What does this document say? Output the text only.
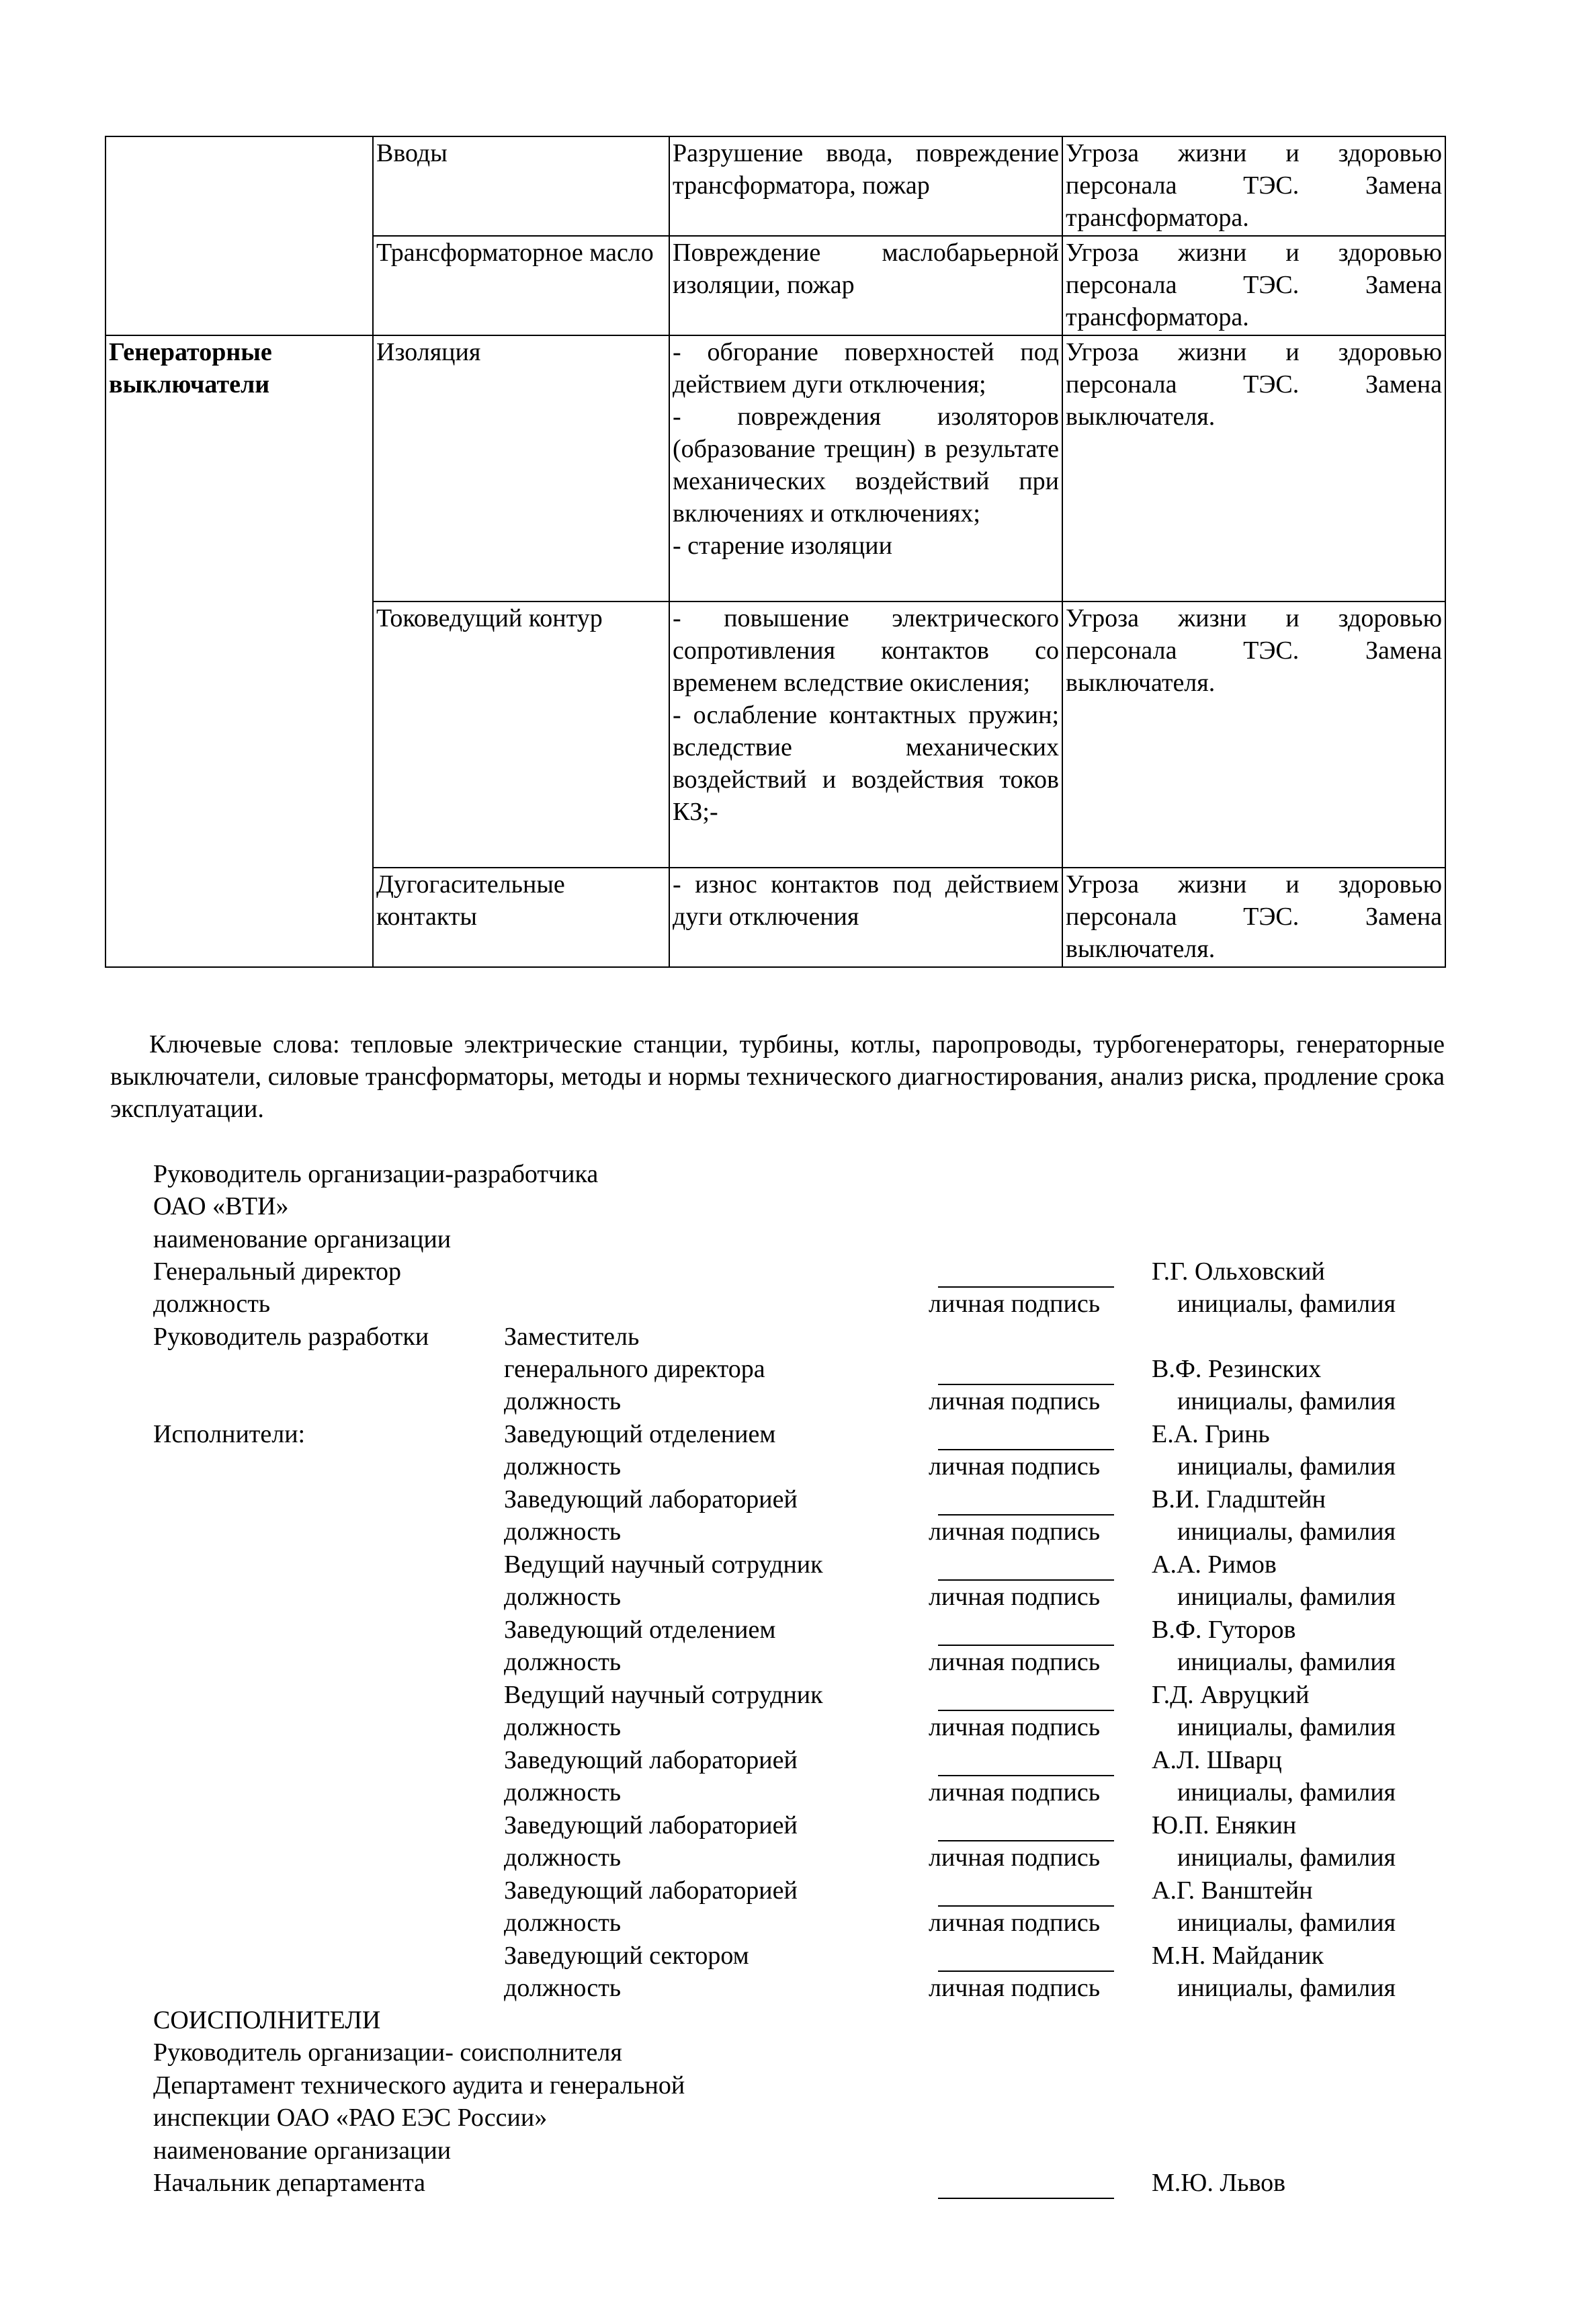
	Вводы	Разрушение ввода, повреждение трансформатора, пожар	Угроза жизни и здоровью персонала ТЭС. Замена трансформатора.
	Трансформаторное масло	Повреждение маслобарьерной изоляции, пожар	Угроза жизни и здоровью персонала ТЭС. Замена трансформатора.
Генераторные выключатели	Изоляция	- обгорание поверхностей под действием дуги отключения;
- повреждения изоляторов (образование трещин) в результате механических воздействий при включениях и отключениях;
- старение изоляции	Угроза жизни и здоровью персонала ТЭС. Замена выключателя.
	Токоведущий контур	- повышение электрического сопротивления контактов со временем вследствие окисления;
- ослабление контактных пружин; вследствие механических воздействий и воздействия токов КЗ;-	Угроза жизни и здоровью персонала ТЭС. Замена выключателя.
	Дугогасительные контакты	- износ контактов под действием дуги отключения	Угроза жизни и здоровью персонала ТЭС. Замена выключателя.
Ключевые слова: тепловые электрические станции, турбины, котлы, паропроводы, турбогенераторы, генераторные выключатели, силовые трансформаторы, методы и нормы технического диагностирования, анализ риска, продление срока эксплуатации.
Руководитель организации-разработчика
ОАО «ВТИ»
наименование организации
Генеральный директор	Г.Г. Ольховский
должность	личная подпись	инициалы, фамилия
Руководитель разработки	Заместитель
генерального директора	В.Ф. Резинских
должность	личная подпись	инициалы, фамилия
Исполнители:	Заведующий отделением	Е.А. Гринь
должность	личная подпись	инициалы, фамилия
Заведующий лабораторией	В.И. Гладштейн
должность	личная подпись	инициалы, фамилия
Ведущий научный сотрудник	А.А. Римов
должность	личная подпись	инициалы, фамилия
Заведующий отделением	В.Ф. Гуторов
должность	личная подпись	инициалы, фамилия
Ведущий научный сотрудник	Г.Д. Авруцкий
должность	личная подпись	инициалы, фамилия
Заведующий лабораторией	А.Л. Шварц
должность	личная подпись	инициалы, фамилия
Заведующий лабораторией	Ю.П. Енякин
должность	личная подпись	инициалы, фамилия
Заведующий лабораторией	А.Г. Ванштейн
должность	личная подпись	инициалы, фамилия
Заведующий сектором	М.Н. Майданик
должность	личная подпись	инициалы, фамилия
СОИСПОЛНИТЕЛИ
Руководитель организации- соисполнителя
Департамент технического аудита и генеральной
инспекции ОАО «РАО ЕЭС России»
наименование организации
Начальник департамента	М.Ю. Львов
